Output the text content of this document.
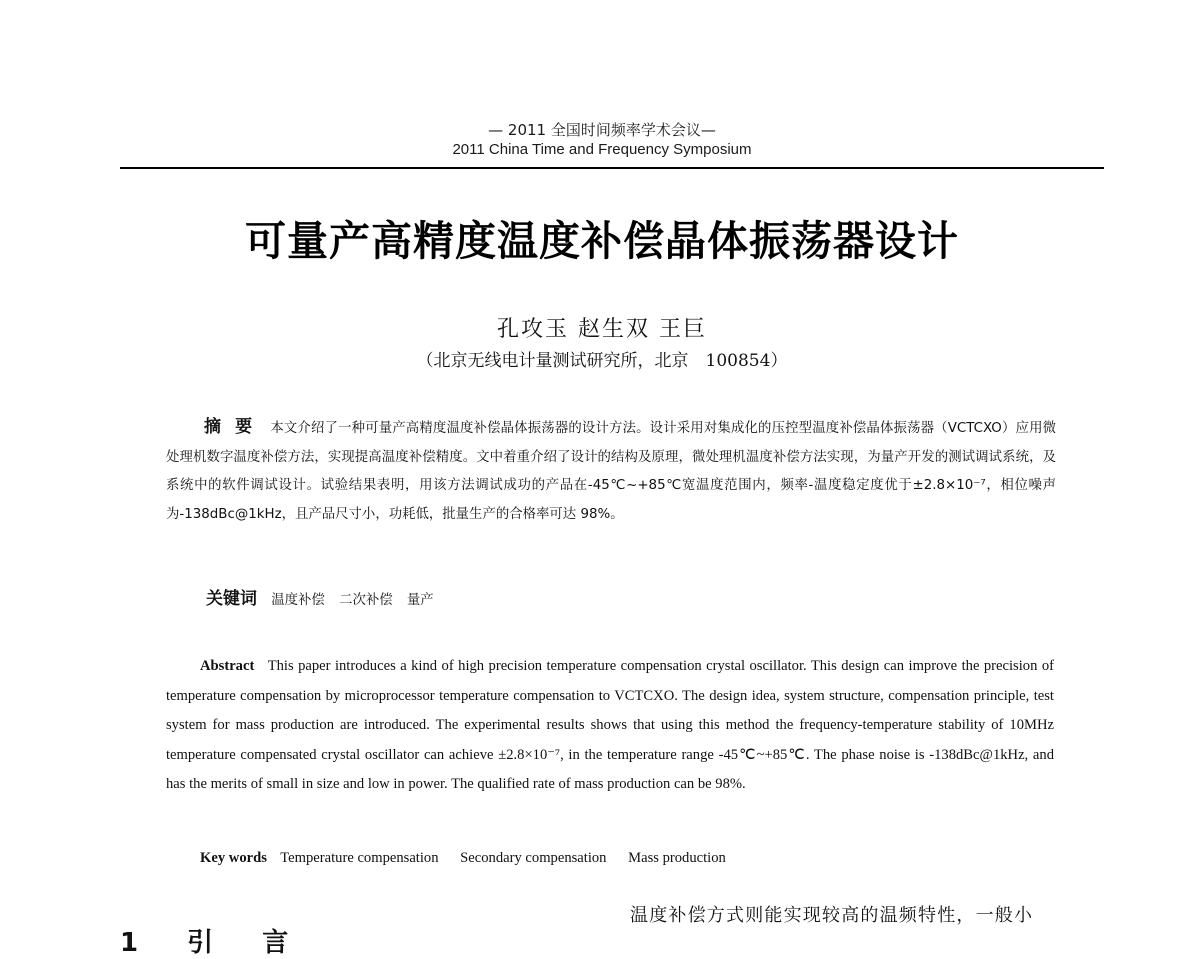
— 2011 全国时间频率学术会议—
2011 China Time and Frequency Symposium
可量产高精度温度补偿晶体振荡器设计
孔攻玉 赵生双 王巨
（北京无线电计量测试研究所，北京　100854）
摘要 本文介绍了一种可量产高精度温度补偿晶体振荡器的设计方法。设计采用对集成化的压控型温度补偿晶体振荡器（VCTCXO）应用微处理机数字温度补偿方法，实现提高温度补偿精度。文中着重介绍了设计的结构及原理，微处理机温度补偿方法实现，为量产开发的测试调试系统，及系统中的软件调试设计。试验结果表明，用该方法调试成功的产品在-45℃~+85℃宽温度范围内，频率-温度稳定度优于±2.8×10⁻⁷，相位噪声为-138dBc@1kHz，且产品尺寸小，功耗低，批量生产的合格率可达 98%。
关键词 温度补偿 二次补偿 量产
Abstract This paper introduces a kind of high precision temperature compensation crystal oscillator. This design can improve the precision of temperature compensation by microprocessor temperature compensation to VCTCXO. The design idea, system structure, compensation principle, test system for mass production are introduced. The experimental results shows that using this method the frequency-temperature stability of 10MHz temperature compensated crystal oscillator can achieve ±2.8×10⁻⁷, in the temperature range -45℃~+85℃. The phase noise is -138dBc@1kHz, and has the merits of small in size and low in power. The qualified rate of mass production can be 98%.
Key words Temperature compensation Secondary compensation Mass production
1 引 言
温度补偿方式则能实现较高的温频特性，一般小
